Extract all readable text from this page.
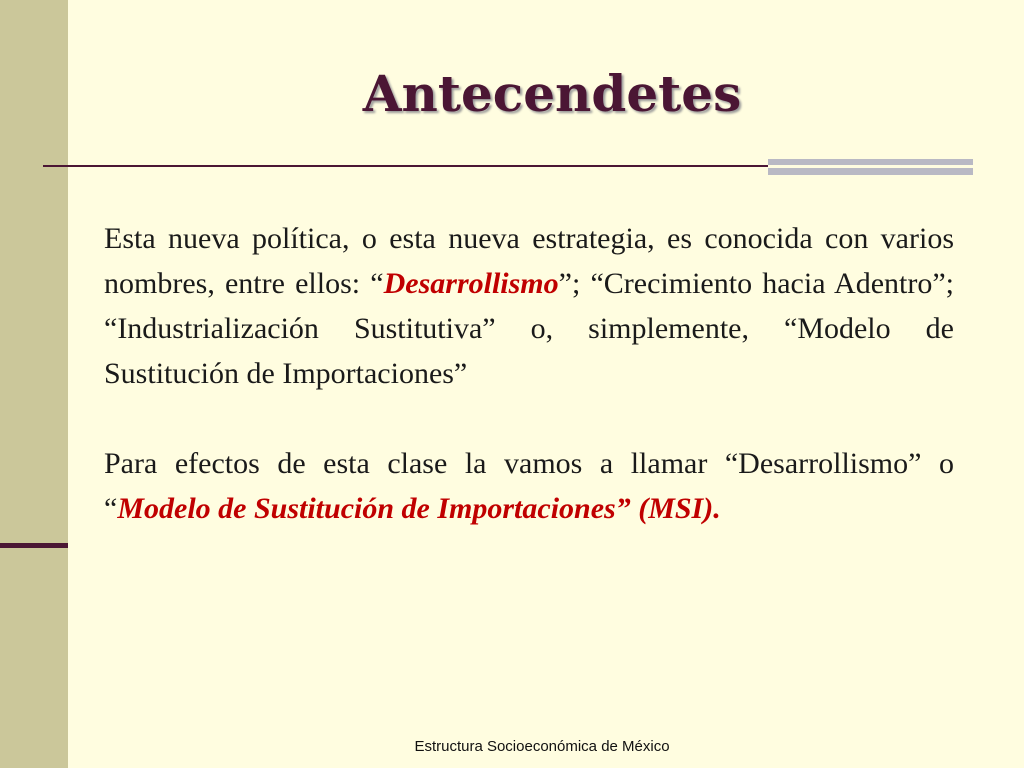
Antecendetes

Esta nueva política, o esta nueva estrategia, es conocida con varios nombres, entre ellos: “Desarrollismo”; “Crecimiento hacia Adentro”; “Industrialización Sustitutiva” o, simplemente, “Modelo de Sustitución de Importaciones”

Para efectos de esta clase la vamos a llamar “Desarrollismo” o “Modelo de Sustitución de Importaciones” (MSI).

Estructura Socioeconómica de México
